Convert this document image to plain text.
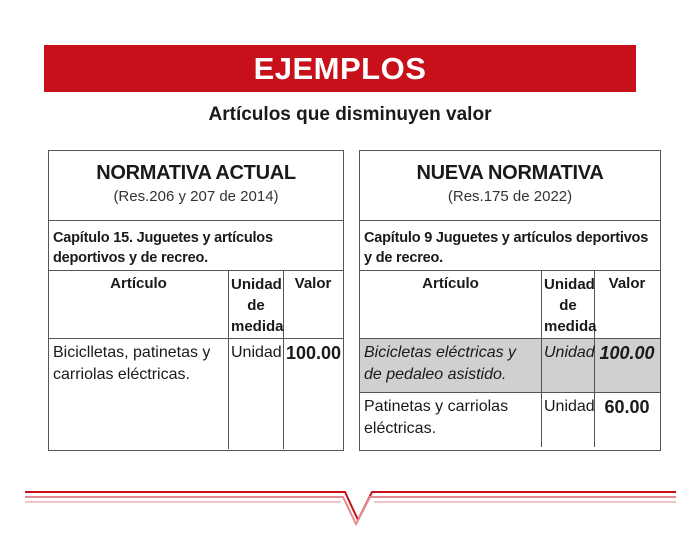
EJEMPLOS
Artículos que disminuyen valor
NORMATIVA ACTUAL
(Res.206 y 207 de 2014)
Capítulo 15. Juguetes y artículos deportivos y de recreo.
Artículo	Unidad de medida
Valor
Biciclletas, patinetas y carriolas eléctricas.
Unidad 100.00
NUEVA NORMATIVA
(Res.175 de 2022)
Capítulo 9 Juguetes y artículos deportivos y de recreo.
Artículo	Unidad de medida
Valor
Bicicletas eléctricas y de pedaleo asistido.
Unidad 100.00
Patinetas y carriolas eléctricas.
Unidad 60.00
